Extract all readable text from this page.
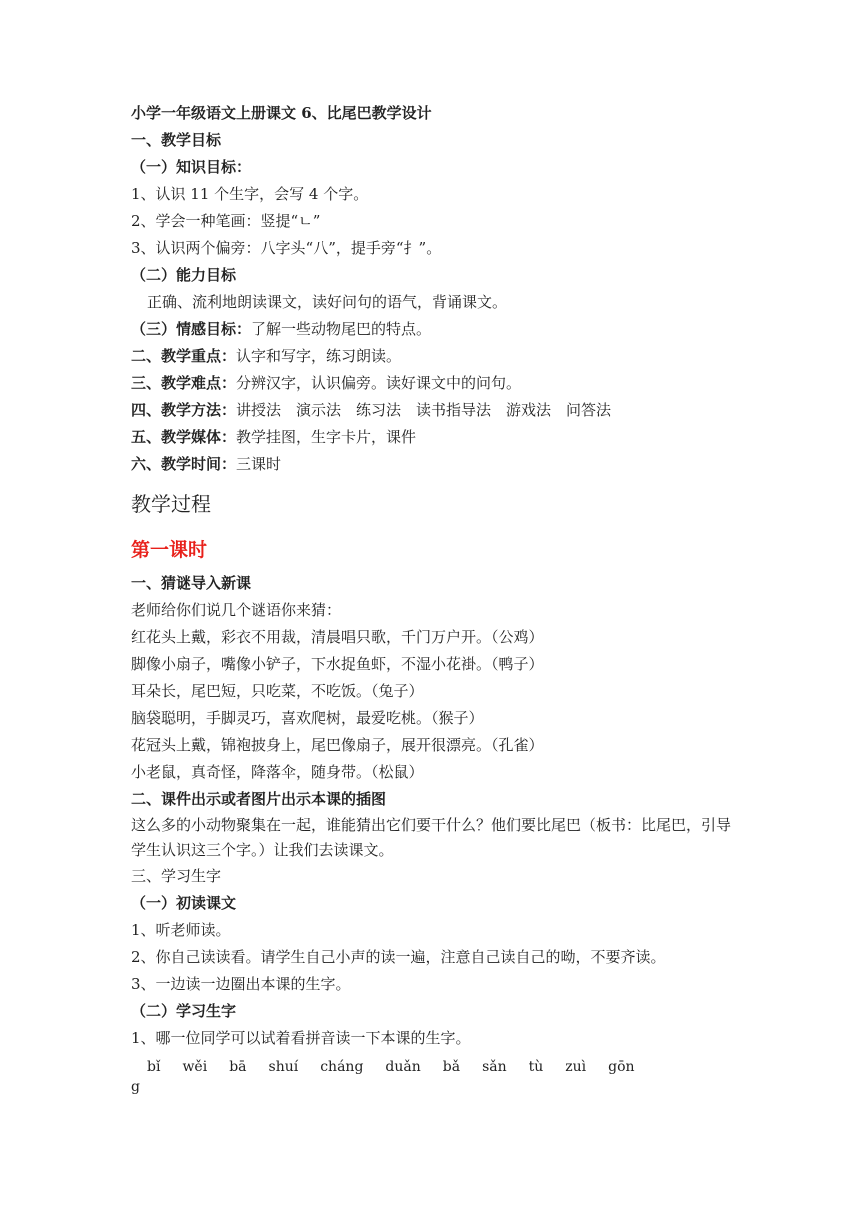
小学一年级语文上册课文 6、比尾巴教学设计
一、教学目标
（一）知识目标：
1、认识 11 个生字，会写 4 个字。
2、学会一种笔画：竖提“ㄴ”
3、认识两个偏旁：八字头“八”，提手旁“扌”。
（二）能力目标
正确、流利地朗读课文，读好问句的语气，背诵课文。
（三）情感目标：了解一些动物尾巴的特点。
二、教学重点：认字和写字，练习朗读。
三、教学难点：分辨汉字，认识偏旁。读好课文中的问句。
四、教学方法：讲授法　演示法　练习法　读书指导法　游戏法　问答法
五、教学媒体：教学挂图，生字卡片，课件
六、教学时间：三课时
教学过程
第一课时
一、猜谜导入新课
老师给你们说几个谜语你来猜：
红花头上戴，彩衣不用裁，清晨唱只歌，千门万户开。（公鸡）
脚像小扇子，嘴像小铲子，下水捉鱼虾，不湿小花褂。（鸭子）
耳朵长，尾巴短，只吃菜，不吃饭。（兔子）
脑袋聪明，手脚灵巧，喜欢爬树，最爱吃桃。（猴子）
花冠头上戴，锦袍披身上，尾巴像扇子，展开很漂亮。（孔雀）
小老鼠，真奇怪，降落伞，随身带。（松鼠）
二、课件出示或者图片出示本课的插图
这么多的小动物聚集在一起，谁能猜出它们要干什么？他们要比尾巴（板书：比尾巴，引导学生认识这三个字。）让我们去读课文。
三、学习生字
（一）初读课文
1、听老师读。
2、你自己读读看。请学生自己小声的读一遍，注意自己读自己的呦，不要齐读。
3、一边读一边圈出本课的生字。
（二）学习生字
1、哪一位同学可以试着看拼音读一下本课的生字。
bǐ wěi bā shuí cháng duǎn bǎ sǎn tù zuì gōn
g
